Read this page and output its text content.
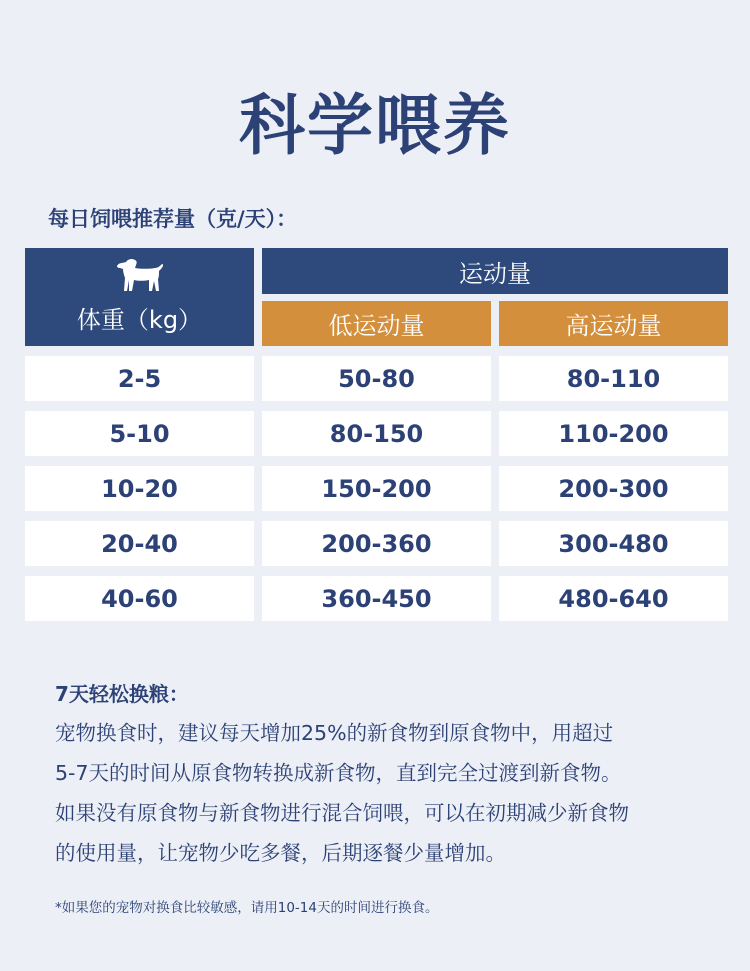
科学喂养
每日饲喂推荐量（克/天）：
体重（kg）
运动量
低运动量	高运动量
2-5	50-80	80-110
5-10	80-150	110-200
10-20	150-200	200-300
20-40	200-360	300-480
40-60	360-450	480-640
7天轻松换粮：
宠物换食时，建议每天增加25%的新食物到原食物中，用超过
5-7天的时间从原食物转换成新食物，直到完全过渡到新食物。
如果没有原食物与新食物进行混合饲喂，可以在初期减少新食物
的使用量，让宠物少吃多餐，后期逐餐少量增加。
*如果您的宠物对换食比较敏感，请用10-14天的时间进行换食。
